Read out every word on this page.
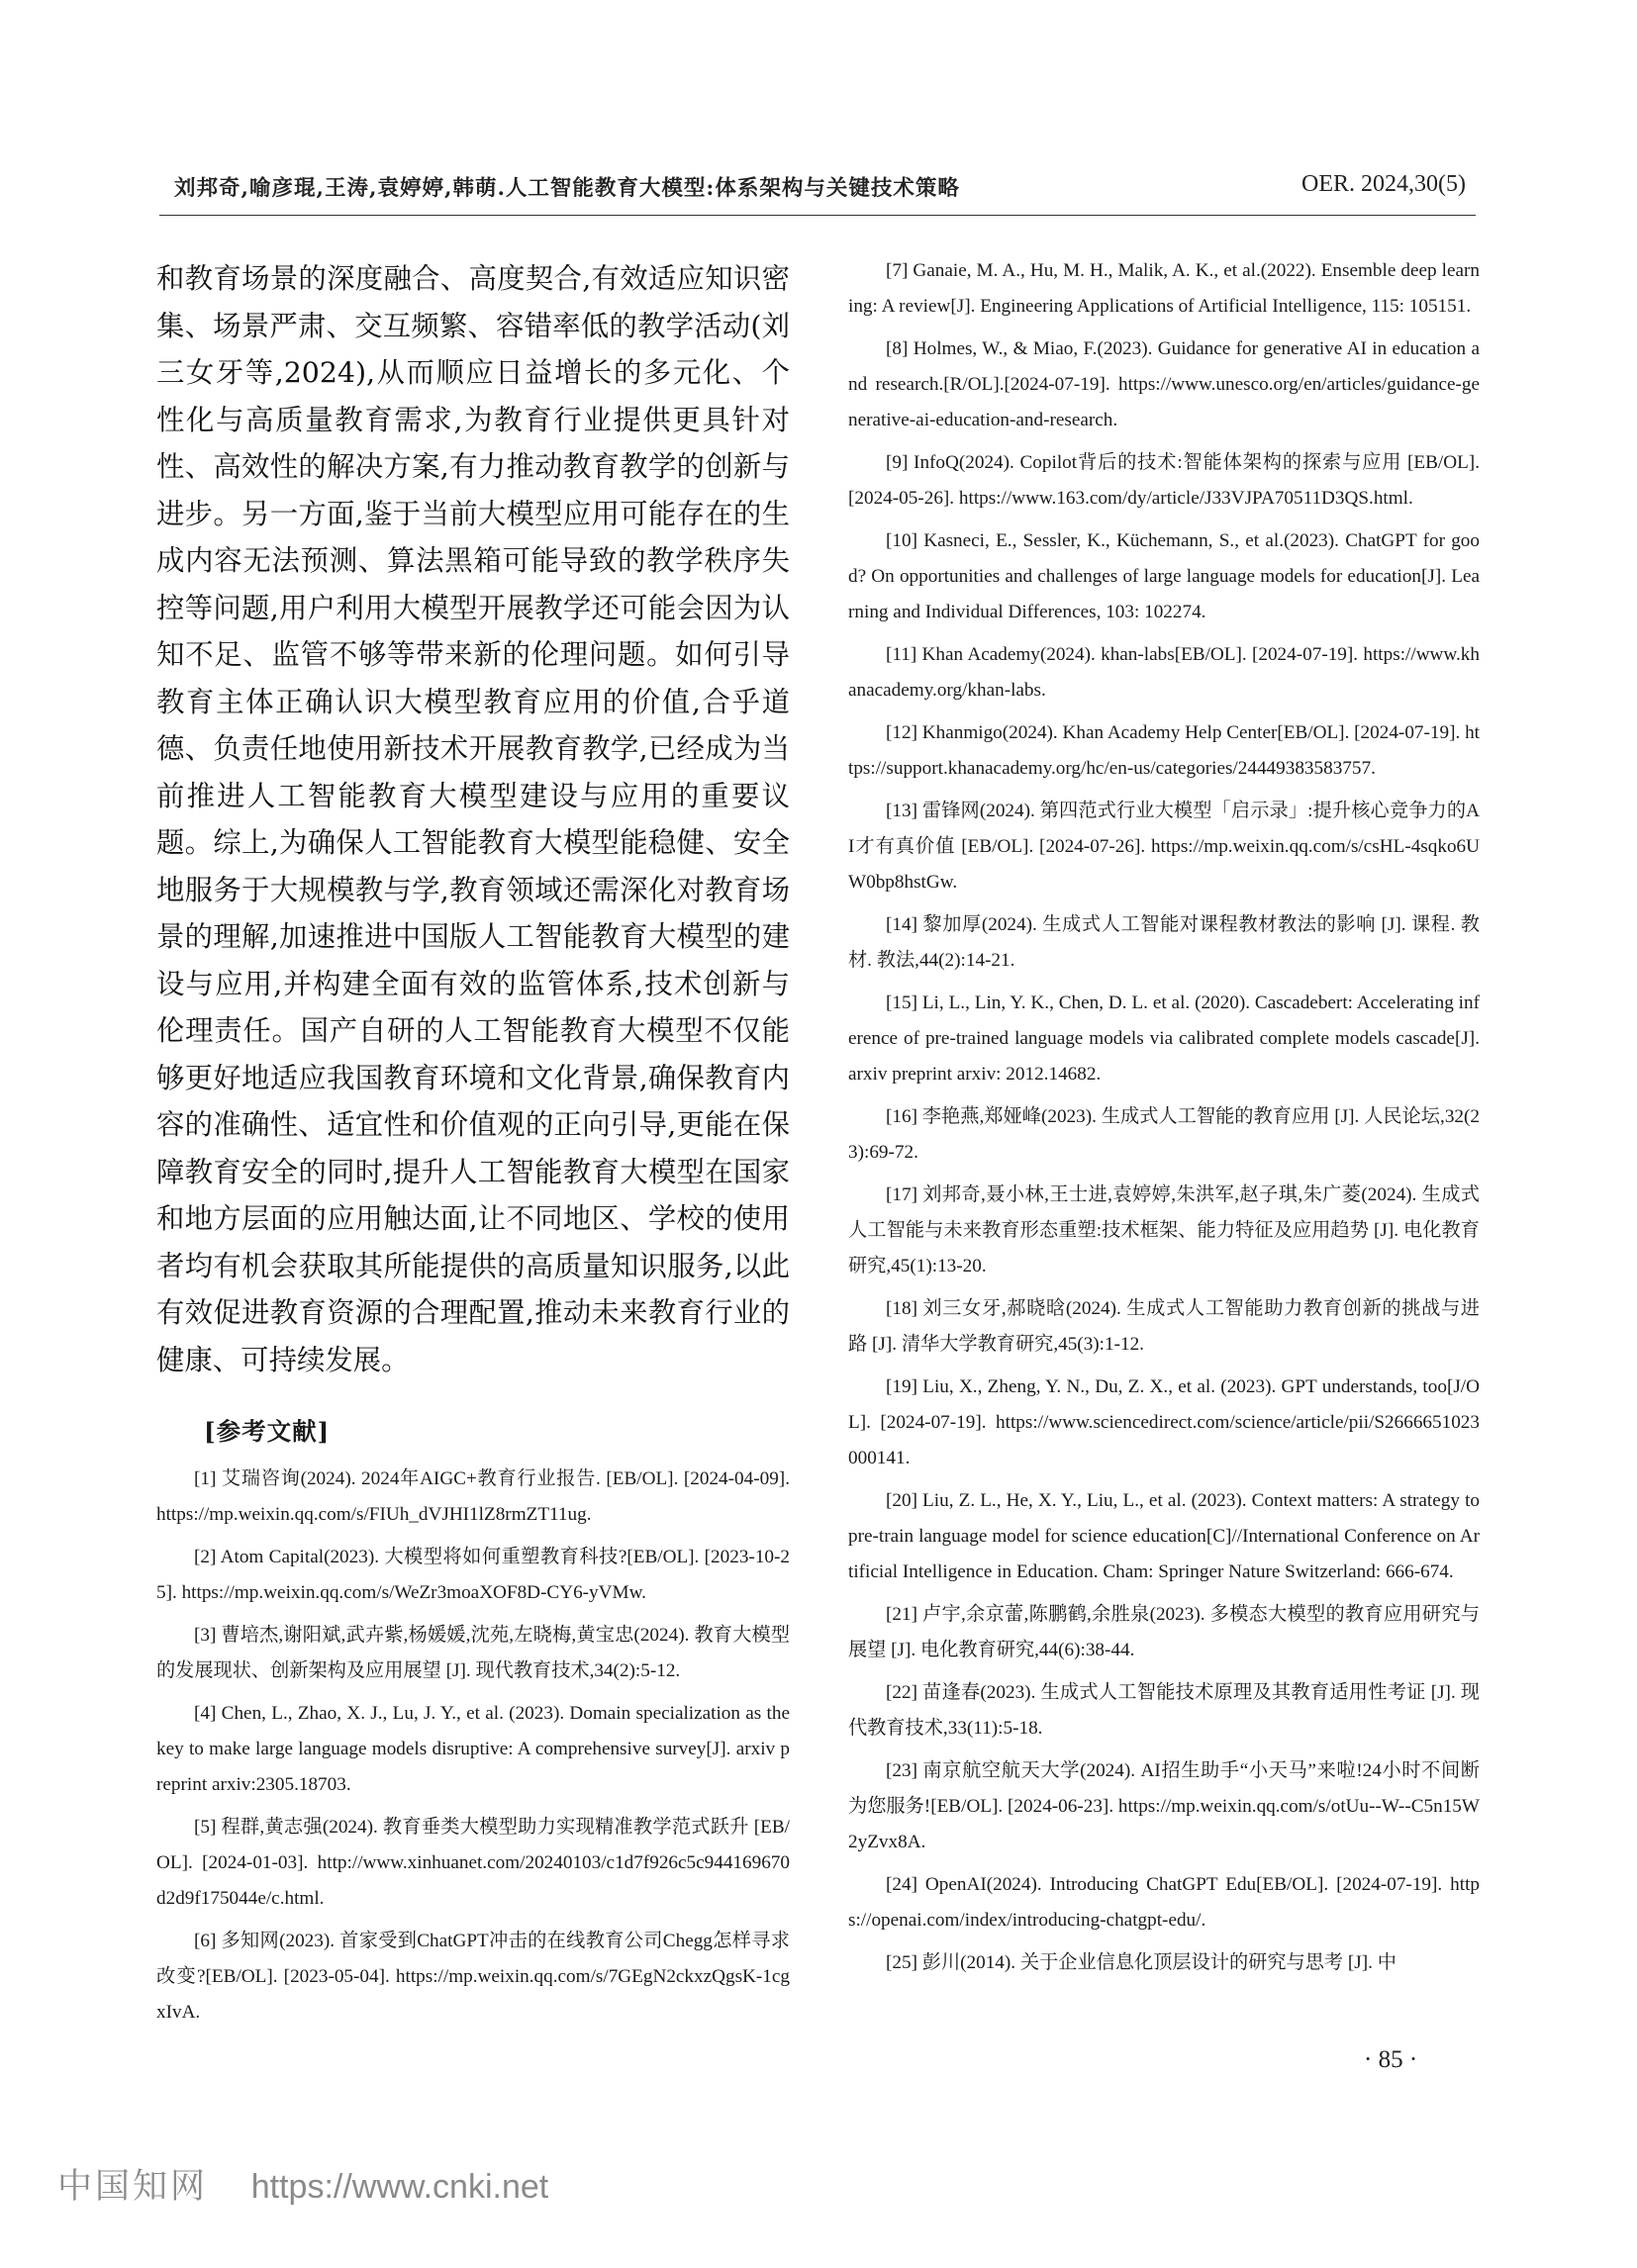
刘邦奇,喻彦琨,王涛,袁婷婷,韩萌.人工智能教育大模型:体系架构与关键技术策略	OER. 2024,30(5)

和教育场景的深度融合、高度契合,有效适应知识密集、场景严肃、交互频繁、容错率低的教学活动(刘三女牙等,2024),从而顺应日益增长的多元化、个性化与高质量教育需求,为教育行业提供更具针对性、高效性的解决方案,有力推动教育教学的创新与进步。另一方面,鉴于当前大模型应用可能存在的生成内容无法预测、算法黑箱可能导致的教学秩序失控等问题,用户利用大模型开展教学还可能会因为认知不足、监管不够等带来新的伦理问题。如何引导教育主体正确认识大模型教育应用的价值,合乎道德、负责任地使用新技术开展教育教学,已经成为当前推进人工智能教育大模型建设与应用的重要议题。综上,为确保人工智能教育大模型能稳健、安全地服务于大规模教与学,教育领域还需深化对教育场景的理解,加速推进中国版人工智能教育大模型的建设与应用,并构建全面有效的监管体系,技术创新与伦理责任。国产自研的人工智能教育大模型不仅能够更好地适应我国教育环境和文化背景,确保教育内容的准确性、适宜性和价值观的正向引导,更能在保障教育安全的同时,提升人工智能教育大模型在国家和地方层面的应用触达面,让不同地区、学校的使用者均有机会获取其所能提供的高质量知识服务,以此有效促进教育资源的合理配置,推动未来教育行业的健康、可持续发展。

[参考文献]

[1] 艾瑞咨询(2024). 2024年AIGC+教育行业报告. [EB/OL]. [2024-04-09]. https://mp.weixin.qq.com/s/FIUh_dVJHI1lZ8rmZT11ug.

[2] Atom Capital(2023). 大模型将如何重塑教育科技?[EB/OL]. [2023-10-25]. https://mp.weixin.qq.com/s/WeZr3moaXOF8D-CY6-yVMw.

[3] 曹培杰,谢阳斌,武卉紫,杨媛媛,沈苑,左晓梅,黄宝忠(2024). 教育大模型的发展现状、创新架构及应用展望 [J]. 现代教育技术,34(2):5-12.

[4] Chen, L., Zhao, X. J., Lu, J. Y., et al. (2023). Domain specialization as the key to make large language models disruptive: A comprehensive survey[J]. arxiv preprint arxiv:2305.18703.

[5] 程群,黄志强(2024). 教育垂类大模型助力实现精准教学范式跃升 [EB/OL]. [2024-01-03]. http://www.xinhuanet.com/20240103/c1d7f926c5c944169670d2d9f175044e/c.html.

[6] 多知网(2023). 首家受到ChatGPT冲击的在线教育公司Chegg怎样寻求改变?[EB/OL]. [2023-05-04]. https://mp.weixin.qq.com/s/7GEgN2ckxzQgsK-1cgxIvA.

[7] Ganaie, M. A., Hu, M. H., Malik, A. K., et al.(2022). Ensemble deep learning: A review[J]. Engineering Applications of Artificial Intelligence, 115: 105151.

[8] Holmes, W., & Miao, F.(2023). Guidance for generative AI in education and research.[R/OL].[2024-07-19]. https://www.unesco.org/en/articles/guidance-generative-ai-education-and-research.

[9] InfoQ(2024). Copilot背后的技术:智能体架构的探索与应用 [EB/OL]. [2024-05-26]. https://www.163.com/dy/article/J33VJPA70511D3QS.html.

[10] Kasneci, E., Sessler, K., Küchemann, S., et al.(2023). ChatGPT for good? On opportunities and challenges of large language models for education[J]. Learning and Individual Differences, 103: 102274.

[11] Khan Academy(2024). khan-labs[EB/OL]. [2024-07-19]. https://www.khanacademy.org/khan-labs.

[12] Khanmigo(2024). Khan Academy Help Center[EB/OL]. [2024-07-19]. https://support.khanacademy.org/hc/en-us/categories/24449383583757.

[13] 雷锋网(2024). 第四范式行业大模型「启示录」:提升核心竞争力的AI才有真价值 [EB/OL]. [2024-07-26]. https://mp.weixin.qq.com/s/csHL-4sqko6UW0bp8hstGw.

[14] 黎加厚(2024). 生成式人工智能对课程教材教法的影响 [J]. 课程. 教材. 教法,44(2):14-21.

[15] Li, L., Lin, Y. K., Chen, D. L. et al. (2020). Cascadebert: Accelerating inference of pre-trained language models via calibrated complete models cascade[J]. arxiv preprint arxiv: 2012.14682.

[16] 李艳燕,郑娅峰(2023). 生成式人工智能的教育应用 [J]. 人民论坛,32(23):69-72.

[17] 刘邦奇,聂小林,王士进,袁婷婷,朱洪军,赵子琪,朱广菱(2024). 生成式人工智能与未来教育形态重塑:技术框架、能力特征及应用趋势 [J]. 电化教育研究,45(1):13-20.

[18] 刘三女牙,郝晓晗(2024). 生成式人工智能助力教育创新的挑战与进路 [J]. 清华大学教育研究,45(3):1-12.

[19] Liu, X., Zheng, Y. N., Du, Z. X., et al. (2023). GPT understands, too[J/OL]. [2024-07-19]. https://www.sciencedirect.com/science/article/pii/S2666651023000141.

[20] Liu, Z. L., He, X. Y., Liu, L., et al. (2023). Context matters: A strategy to pre-train language model for science education[C]//International Conference on Artificial Intelligence in Education. Cham: Springer Nature Switzerland: 666-674.

[21] 卢宇,余京蕾,陈鹏鹤,余胜泉(2023). 多模态大模型的教育应用研究与展望 [J]. 电化教育研究,44(6):38-44.

[22] 苗逢春(2023). 生成式人工智能技术原理及其教育适用性考证 [J]. 现代教育技术,33(11):5-18.

[23] 南京航空航天大学(2024). AI招生助手“小天马”来啦!24小时不间断为您服务![EB/OL]. [2024-06-23]. https://mp.weixin.qq.com/s/otUu--W--C5n15W2yZvx8A.

[24] OpenAI(2024). Introducing ChatGPT Edu[EB/OL]. [2024-07-19]. https://openai.com/index/introducing-chatgpt-edu/.

[25] 彭川(2014). 关于企业信息化顶层设计的研究与思考 [J]. 中

· 85 ·
中国知网 https://www.cnki.net
